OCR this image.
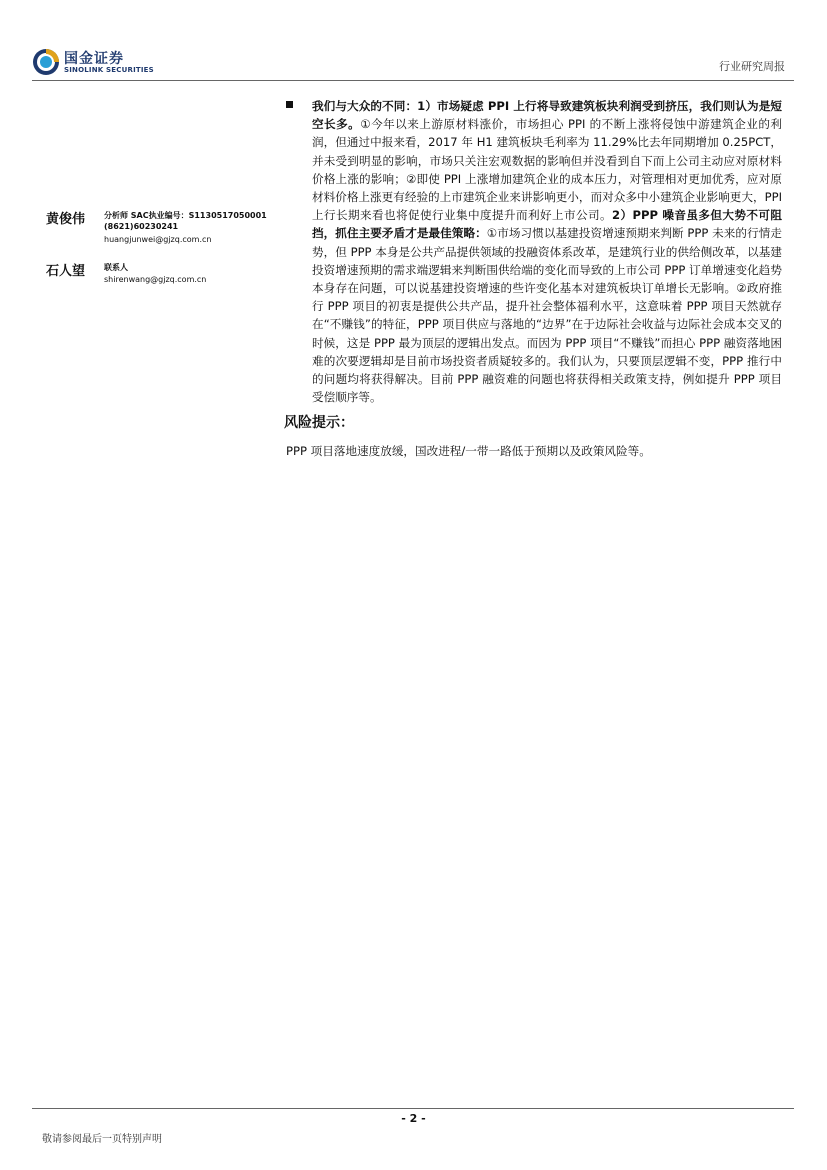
国金证券
SINOLINK SECURITIES	行业研究周报
黄俊伟 分析师 SAC执业编号：S1130517050001
(8621)60230241
huangjunwei@gjzq.com.cn
石人望 联系人
shirenwang@gjzq.com.cn

我们与大众的不同：1）市场疑虑 PPI 上行将导致建筑板块利润受到挤压，我们则认为是短空长多。①今年以来上游原材料涨价，市场担心 PPI 的不断上涨将侵蚀中游建筑企业的利润，但通过中报来看，2017 年 H1 建筑板块毛利率为 11.29%比去年同期增加 0.25PCT，并未受到明显的影响，市场只关注宏观数据的影响但并没看到自下而上公司主动应对原材料价格上涨的影响；②即使 PPI 上涨增加建筑企业的成本压力，对管理相对更加优秀，应对原材料价格上涨更有经验的上市建筑企业来讲影响更小，而对众多中小建筑企业影响更大，PPI 上行长期来看也将促使行业集中度提升而利好上市公司。2）PPP 噪音虽多但大势不可阻挡，抓住主要矛盾才是最佳策略：①市场习惯以基建投资增速预期来判断 PPP 未来的行情走势，但 PPP 本身是公共产品提供领域的投融资体系改革，是建筑行业的供给侧改革，以基建投资增速预期的需求端逻辑来判断围供给端的变化而导致的上市公司 PPP 订单增速变化趋势本身存在问题，可以说基建投资增速的些许变化基本对建筑板块订单增长无影响。②政府推行 PPP 项目的初衷是提供公共产品，提升社会整体福利水平，这意味着 PPP 项目天然就存在“不赚钱”的特征，PPP 项目供应与落地的“边界”在于边际社会收益与边际社会成本交叉的时候，这是 PPP 最为顶层的逻辑出发点。而因为 PPP 项目“不赚钱”而担心 PPP 融资落地困难的次要逻辑却是目前市场投资者质疑较多的。我们认为，只要顶层逻辑不变，PPP 推行中的问题均将获得解决。目前 PPP 融资难的问题也将获得相关政策支持，例如提升 PPP 项目受偿顺序等。

风险提示：

PPP 项目落地速度放缓，国改进程/一带一路低于预期以及政策风险等。

- 2 -
敬请参阅最后一页特别声明
